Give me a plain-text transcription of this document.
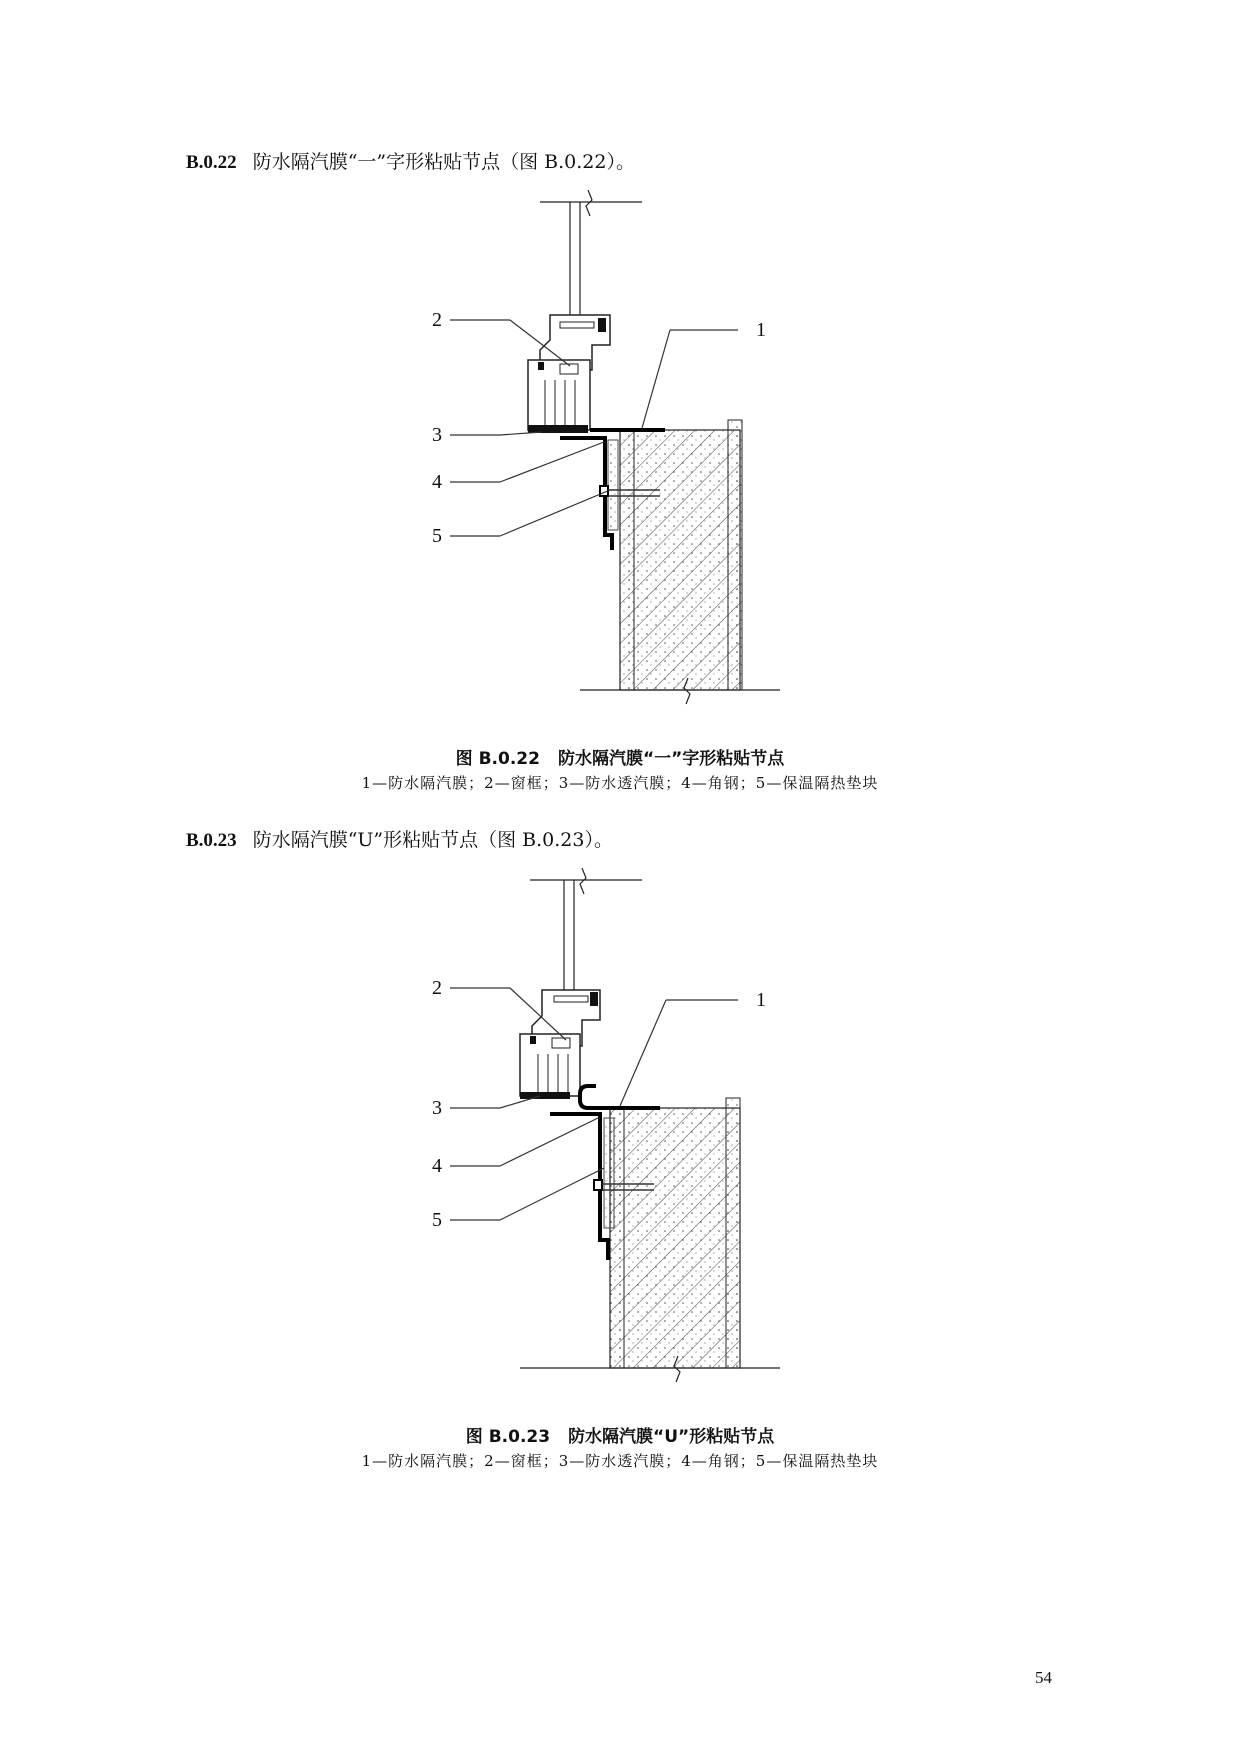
B.0.22 防水隔汽膜“一”字形粘贴节点（图 B.0.22）。
2	1
3
4
5
图 B.0.22 防水隔汽膜“一”字形粘贴节点
1—防水隔汽膜；2—窗框；3—防水透汽膜；4—角钢；5—保温隔热垫块
B.0.23 防水隔汽膜“U”形粘贴节点（图 B.0.23）。
2
1
3
4
5
图 B.0.23 防水隔汽膜“U”形粘贴节点
1—防水隔汽膜；2—窗框；3—防水透汽膜；4—角钢；5—保温隔热垫块
54
